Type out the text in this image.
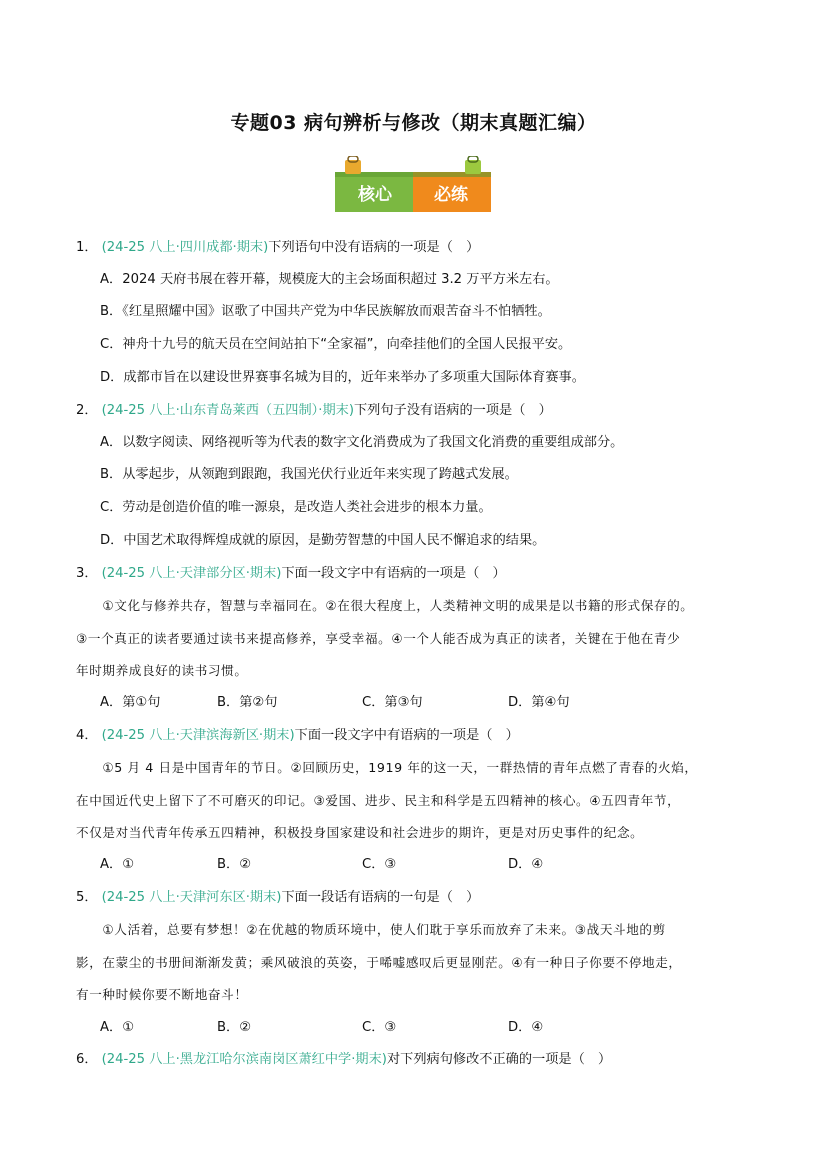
专题03 病句辨析与修改（期末真题汇编）
核心 必练
1． (24-25 八上·四川成都·期末)下列语句中没有语病的一项是（　）
A．2024 天府书展在蓉开幕，规模庞大的主会场面积超过 3.2 万平方米左右。
B．《红星照耀中国》讴歌了中国共产党为中华民族解放而艰苦奋斗不怕牺牲。
C．神舟十九号的航天员在空间站拍下“全家福”，向牵挂他们的全国人民报平安。
D．成都市旨在以建设世界赛事名城为目的，近年来举办了多项重大国际体育赛事。
2． (24-25 八上·山东青岛莱西（五四制）·期末)下列句子没有语病的一项是（　）
A．以数字阅读、网络视听等为代表的数字文化消费成为了我国文化消费的重要组成部分。
B．从零起步，从领跑到跟跑，我国光伏行业近年来实现了跨越式发展。
C．劳动是创造价值的唯一源泉，是改造人类社会进步的根本力量。
D．中国艺术取得辉煌成就的原因，是勤劳智慧的中国人民不懈追求的结果。
3． (24-25 八上·天津部分区·期末)下面一段文字中有语病的一项是（　）
　　①文化与修养共存，智慧与幸福同在。②在很大程度上，人类精神文明的成果是以书籍的形式保存的。
③一个真正的读者要通过读书来提高修养，享受幸福。④一个人能否成为真正的读者，关键在于他在青少
年时期养成良好的读书习惯。
A．第①句	B．第②句	C．第③句	D．第④句
4． (24-25 八上·天津滨海新区·期末)下面一段文字中有语病的一项是（　）
　　①5 月 4 日是中国青年的节日。②回顾历史，1919 年的这一天，一群热情的青年点燃了青春的火焰，
在中国近代史上留下了不可磨灭的印记。③爱国、进步、民主和科学是五四精神的核心。④五四青年节，
不仅是对当代青年传承五四精神，积极投身国家建设和社会进步的期许，更是对历史事件的纪念。
A．①	B．②	C．③	D．④
5． (24-25 八上·天津河东区·期末)下面一段话有语病的一句是（　）
　　①人活着，总要有梦想！②在优越的物质环境中，使人们耽于享乐而放弃了未来。③战天斗地的剪
影，在蒙尘的书册间渐渐发黄；乘风破浪的英姿，于唏嘘感叹后更显刚茫。④有一种日子你要不停地走，
有一种时候你要不断地奋斗！
A．①	B．②	C．③	D．④
6． (24-25 八上·黑龙江哈尔滨南岗区萧红中学·期末)对下列病句修改不正确的一项是（　）
